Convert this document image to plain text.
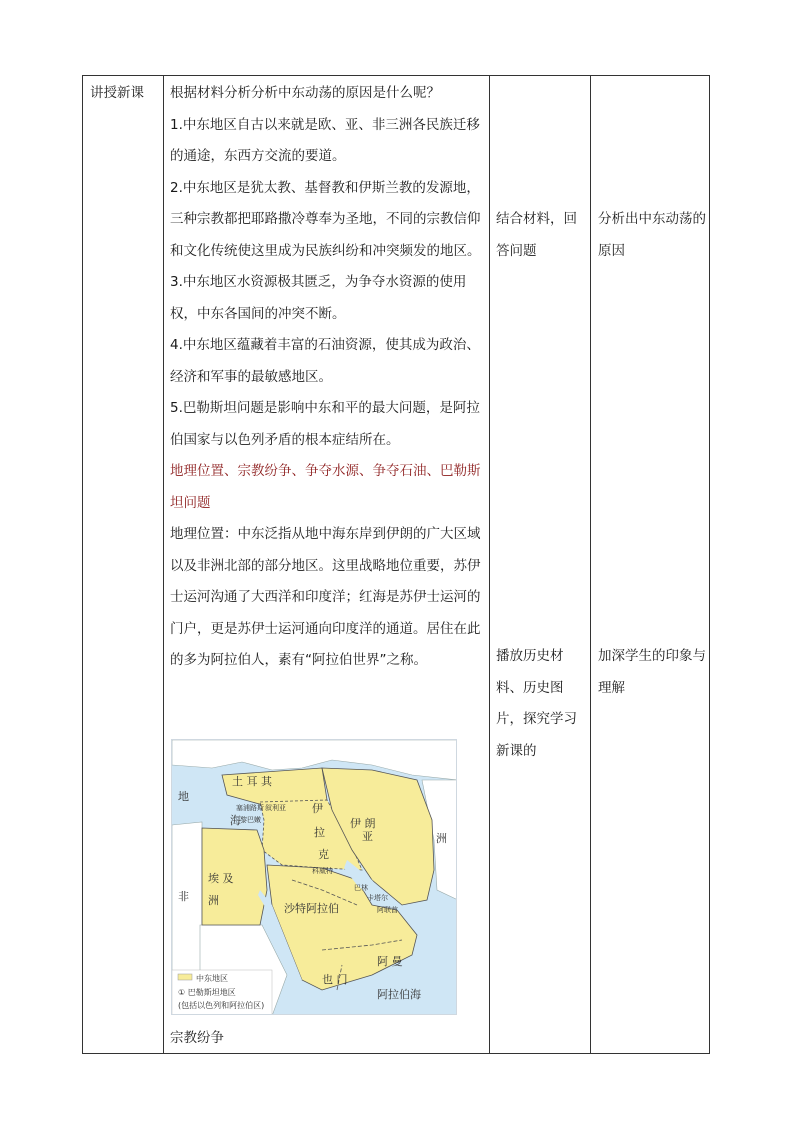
讲授新课	根据材料分析分析中东动荡的原因是什么呢？

1.中东地区自古以来就是欧、亚、非三洲各民族迁移的通途，东西方交流的要道。

2.中东地区是犹太教、基督教和伊斯兰教的发源地，三种宗教都把耶路撒冷尊奉为圣地，不同的宗教信仰和文化传统使这里成为民族纠纷和冲突频发的地区。

3.中东地区水资源极其匮乏，为争夺水资源的使用权，中东各国间的冲突不断。

4.中东地区蕴藏着丰富的石油资源，使其成为政治、经济和军事的最敏感地区。

5.巴勒斯坦问题是影响中东和平的最大问题，是阿拉伯国家与以色列矛盾的根本症结所在。

地理位置、宗教纷争、争夺水源、争夺石油、巴勒斯坦问题

地理位置：中东泛指从地中海东岸到伊朗的广大区域以及非洲北部的部分地区。这里战略地位重要，苏伊士运河沟通了大西洋和印度洋；红海是苏伊士运河的门户，更是苏伊士运河通向印度洋的通道。居住在此的多为阿拉伯人，素有“阿拉伯世界”之称。

土 耳 其
伊 朗
伊
拉
克
沙特阿拉伯
埃 及
叙利亚
黎巴嫩
塞浦路斯
科威特
巴林
卡塔尔
阿联酋
也 门
阿 曼
阿拉伯海
非 洲
亚	洲
地
海
中东地区
① 巴勒斯坦地区
(包括以色列和阿拉伯区)
宗教纷争
结合材料，回答问题
分析出中东动荡的原因
播放历史材料、历史图片，探究学习新课的
加深学生的印象与理解
